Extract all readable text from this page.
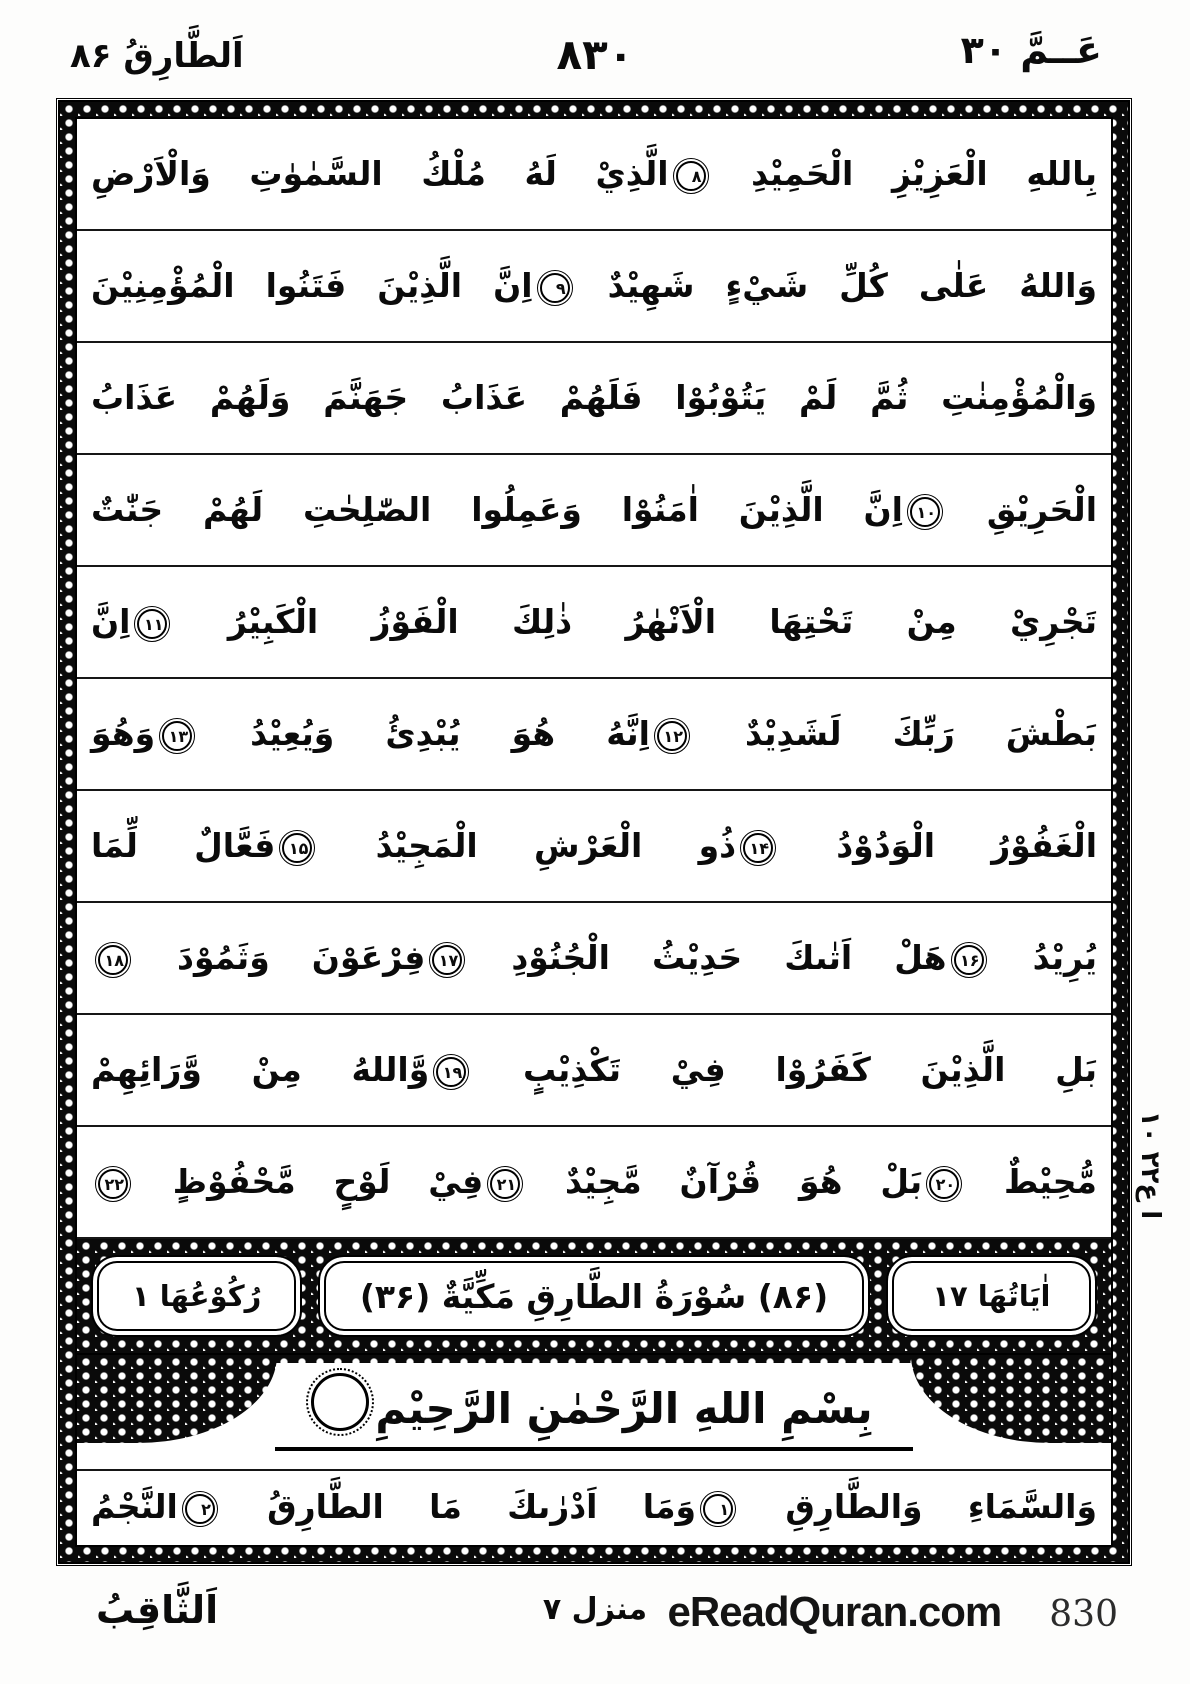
اَلطَّارِقُ ۸۶	۸۳۰	عَــمَّ ۳۰
بِاللهِ الْعَزِيْزِ الْحَمِيْدِ ۸الَّذِيْ لَهُ مُلْكُ السَّمٰوٰتِ وَالْاَرْضِ
وَاللهُ عَلٰى كُلِّ شَيْءٍ شَهِيْدٌ ۹اِنَّ الَّذِيْنَ فَتَنُوا الْمُؤْمِنِيْنَ
وَالْمُؤْمِنٰتِ ثُمَّ لَمْ يَتُوْبُوْا فَلَهُمْ عَذَابُ جَهَنَّمَ وَلَهُمْ عَذَابُ
الْحَرِيْقِ ۱۰اِنَّ الَّذِيْنَ اٰمَنُوْا وَعَمِلُوا الصّٰلِحٰتِ لَهُمْ جَنّٰتٌ
تَجْرِيْ مِنْ تَحْتِهَا الْاَنْهٰرُ ذٰلِكَ الْفَوْزُ الْكَبِيْرُ ۱۱اِنَّ
بَطْشَ رَبِّكَ لَشَدِيْدٌ ۱۲اِنَّهُ هُوَ يُبْدِئُ وَيُعِيْدُ ۱۳وَهُوَ
الْغَفُوْرُ الْوَدُوْدُ ۱۴ذُو الْعَرْشِ الْمَجِيْدُ ۱۵فَعَّالٌ لِّمَا
يُرِيْدُ ۱۶هَلْ اَتٰىكَ حَدِيْثُ الْجُنُوْدِ ۱۷فِرْعَوْنَ وَثَمُوْدَ ۱۸
بَلِ الَّذِيْنَ كَفَرُوْا فِيْ تَكْذِيْبٍ ۱۹وَّاللهُ مِنْ وَّرَائِهِمْ
مُّحِيْطٌ ۲۰بَلْ هُوَ قُرْآنٌ مَّجِيْدٌ ۲۱فِيْ لَوْحٍ مَّحْفُوْظٍ ۲۲
اٰيَاتُهَا ۱۷
(۸۶) سُوْرَةُ الطَّارِقِ مَكِّيَّةٌ (۳۶)
رُكُوْعُهَا ۱
بِسْمِ اللهِ الرَّحْمٰنِ الرَّحِيْمِ
وَالسَّمَاءِ وَالطَّارِقِ ۱وَمَا اَدْرٰىكَ مَا الطَّارِقُ ۲النَّجْمُ
ا ع۲۲ ۱۰
اَلثَّاقِبُ	منزل ۷ eReadQuran.com 830
